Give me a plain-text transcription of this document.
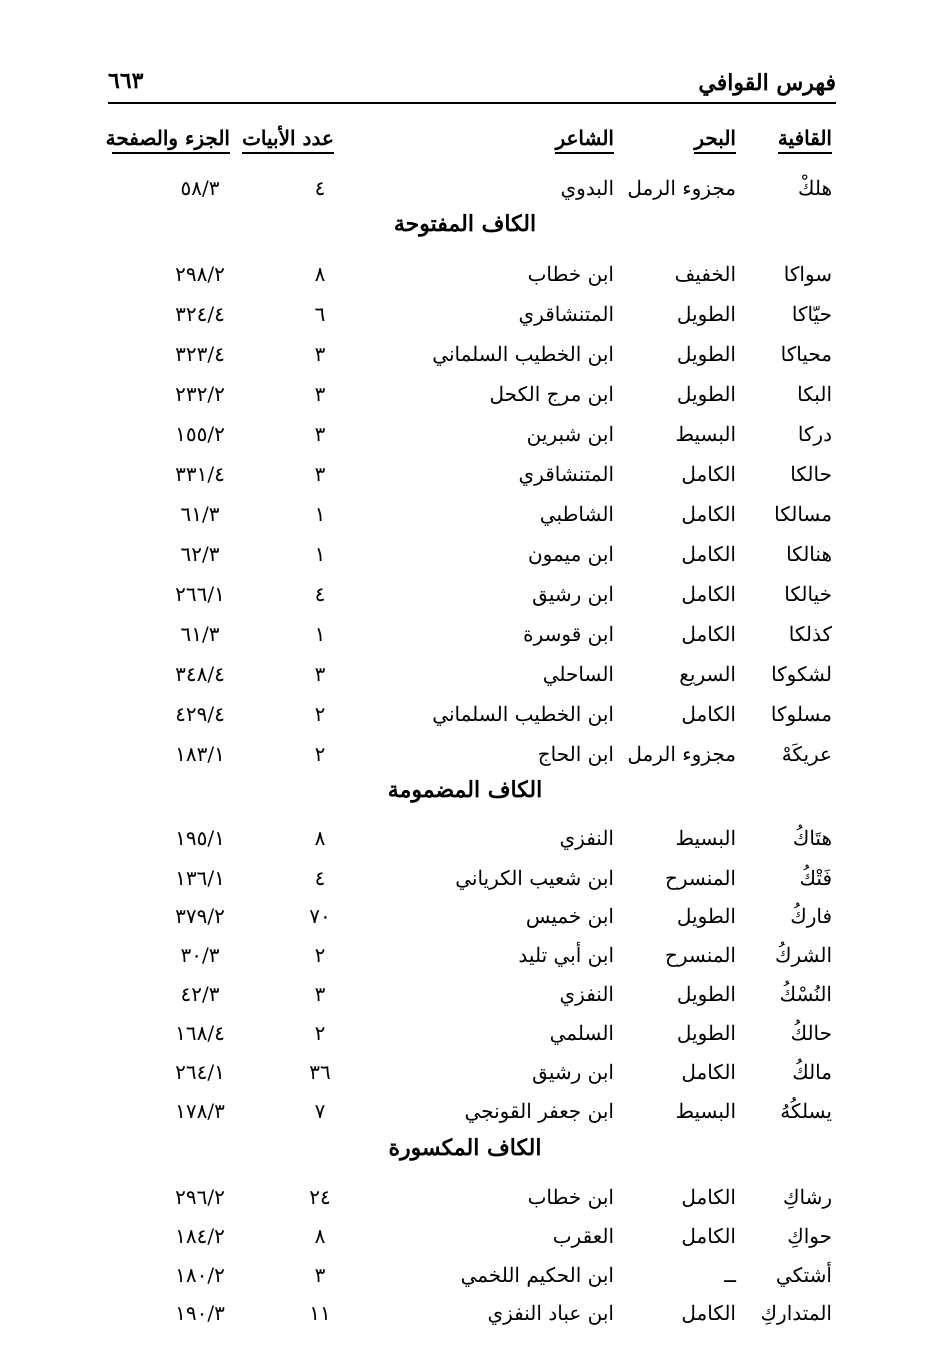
فهرس القوافي
٦٦٣
القافية
البحر
الشاعر
عدد الأبيات
الجزء والصفحة
هلكْ
مجزوء الرمل
البدوي
٤
٥٨/٣
الكاف المفتوحة
سواكا
الخفيف
ابن خطاب
٨
٢٩٨/٢
حيّاكا
الطويل
المتنشاقري
٦
٣٢٤/٤
محياكا
الطويل
ابن الخطيب السلماني
٣
٣٢٣/٤
البكا
الطويل
ابن مرج الكحل
٣
٢٣٢/٢
دركا
البسيط
ابن شبرين
٣
١٥٥/٢
حالكا
الكامل
المتنشاقري
٣
٣٣١/٤
مسالكا
الكامل
الشاطبي
١
٦١/٣
هنالكا
الكامل
ابن ميمون
١
٦٢/٣
خيالكا
الكامل
ابن رشيق
٤
٢٦٦/١
كذلكا
الكامل
ابن قوسرة
١
٦١/٣
لشكوكا
السريع
الساحلي
٣
٣٤٨/٤
مسلوكا
الكامل
ابن الخطيب السلماني
٢
٤٢٩/٤
عريكَهْ
مجزوء الرمل
ابن الحاج
٢
١٨٣/١
الكاف المضمومة
هتَاكُ
البسيط
النفزي
٨
١٩٥/١
فَتْكُ
المنسرح
ابن شعيب الكرياني
٤
١٣٦/١
فاركُ
الطويل
ابن خميس
٧٠
٣٧٩/٢
الشركُ
المنسرح
ابن أبي تليد
٢
٣٠/٣
النُسْكُ
الطويل
النفزي
٣
٤٢/٣
حالكُ
الطويل
السلمي
٢
١٦٨/٤
مالكُ
الكامل
ابن رشيق
٣٦
٢٦٤/١
يسلكُهُ
البسيط
ابن جعفر القونجي
٧
١٧٨/٣
الكاف المكسورة
رشاكِ
الكامل
ابن خطاب
٢٤
٢٩٦/٢
حواكِ
الكامل
العقرب
٨
١٨٤/٢
أشتكي
ــ
ابن الحكيم اللخمي
٣
١٨٠/٢
المتداركِ
الكامل
ابن عباد النفزي
١١
١٩٠/٣
